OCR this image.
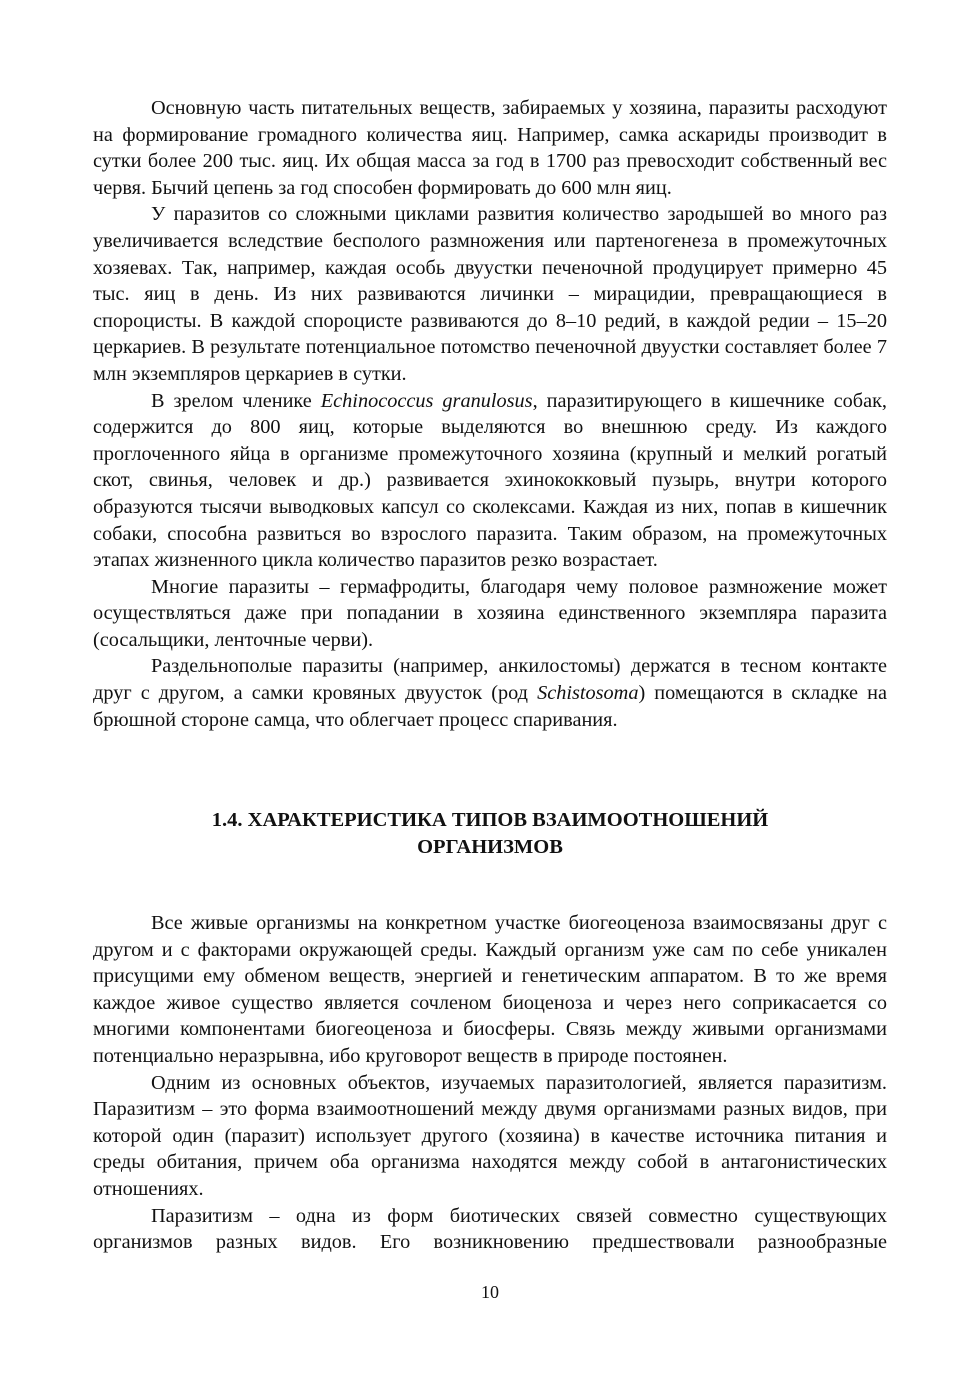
Основную часть питательных веществ, забираемых у хозяина, паразиты расходуют на формирование громадного количества яиц. Например, самка аскариды производит в сутки более 200 тыс. яиц. Их общая масса за год в 1700 раз превосходит собственный вес червя. Бычий цепень за год способен формировать до 600 млн яиц.

У паразитов со сложными циклами развития количество зародышей во много раз увеличивается вследствие бесполого размножения или партеногенеза в промежуточных хозяевах. Так, например, каждая особь двуустки печеночной продуцирует примерно 45 тыс. яиц в день. Из них развиваются личинки – мирацидии, превращающиеся в спороцисты. В каждой спороцисте развиваются до 8–10 редий, в каждой редии – 15–20 церкариев. В результате потенциальное потомство печеночной двуустки составляет более 7 млн экземпляров церкариев в сутки.

В зрелом членике Echinococcus granulosus, паразитирующего в кишечнике собак, содержится до 800 яиц, которые выделяются во внешнюю среду. Из каждого проглоченного яйца в организме промежуточного хозяина (крупный и мелкий рогатый скот, свинья, человек и др.) развивается эхинококковый пузырь, внутри которого образуются тысячи выводковых капсул со сколексами. Каждая из них, попав в кишечник собаки, способна развиться во взрослого паразита. Таким образом, на промежуточных этапах жизненного цикла количество паразитов резко возрастает.

Многие паразиты – гермафродиты, благодаря чему половое размножение может осуществляться даже при попадании в хозяина единственного экземпляра паразита (сосальщики, ленточные черви).

Раздельнополые паразиты (например, анкилостомы) держатся в тесном контакте друг с другом, а самки кровяных двуусток (род Schistosoma) помещаются в складке на брюшной стороне самца, что облегчает процесс спаривания.

1.4. ХАРАКТЕРИСТИКА ТИПОВ ВЗАИМООТНОШЕНИЙ
ОРГАНИЗМОВ

Все живые организмы на конкретном участке биогеоценоза взаимосвязаны друг с другом и с факторами окружающей среды. Каждый организм уже сам по себе уникален присущими ему обменом веществ, энергией и генетическим аппаратом. В то же время каждое живое существо является сочленом биоценоза и через него соприкасается со многими компонентами биогеоценоза и биосферы. Связь между живыми организмами потенциально неразрывна, ибо круговорот веществ в природе постоянен.

Одним из основных объектов, изучаемых паразитологией, является паразитизм. Паразитизм – это форма взаимоотношений между двумя организмами разных видов, при которой один (паразит) использует другого (хозяина) в качестве источника питания и среды обитания, причем оба организма находятся между собой в антагонистических отношениях.

Паразитизм – одна из форм биотических связей совместно существующих организмов разных видов. Его возникновению предшествовали разнообразные

10
